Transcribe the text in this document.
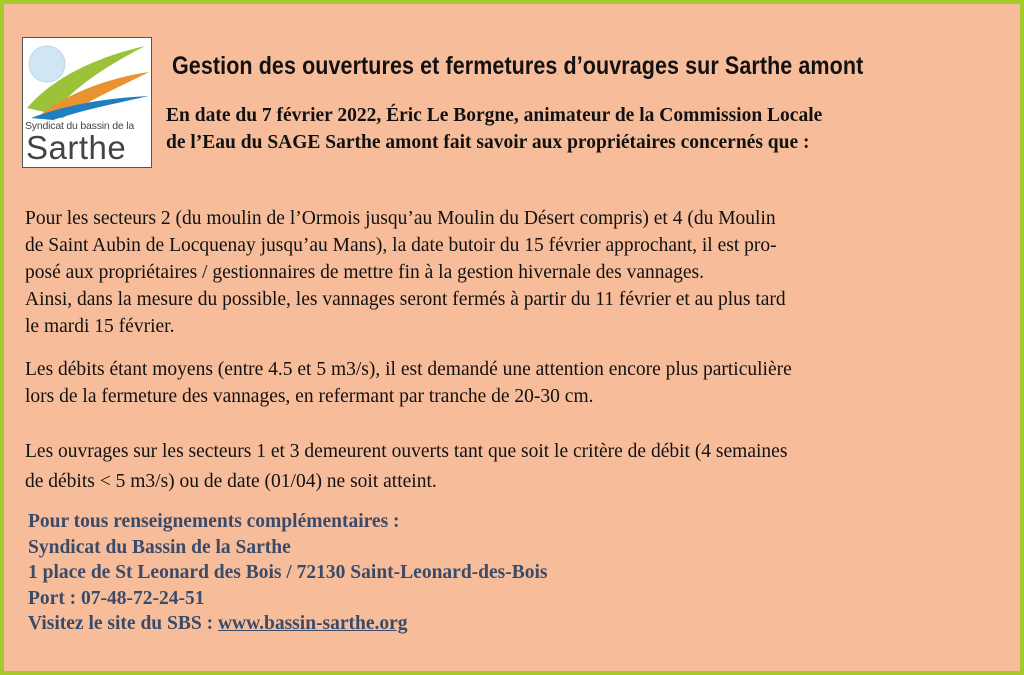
Syndicat du bassin de la
Sarthe
Gestion des ouvertures et fermetures d’ouvrages sur Sarthe amont
En date du 7 février 2022, Éric Le Borgne, animateur de la Commission Locale
de l’Eau du SAGE Sarthe amont fait savoir aux propriétaires concernés que :
Pour les secteurs 2 (du moulin de l’Ormois jusqu’au Moulin du Désert compris) et 4 (du Moulin
de Saint Aubin de Locquenay jusqu’au Mans), la date butoir du 15 février approchant, il est pro-
posé aux propriétaires / gestionnaires de mettre fin à la gestion hivernale des vannages.
Ainsi, dans la mesure du possible, les vannages seront fermés à partir du 11 février et au plus tard
le mardi 15 février.
Les débits étant moyens (entre 4.5 et 5 m3/s), il est demandé une attention encore plus particulière
lors de la fermeture des vannages, en refermant par tranche de 20-30 cm.
Les ouvrages sur les secteurs 1 et 3 demeurent ouverts tant que soit le critère de débit (4 semaines
de débits < 5 m3/s) ou de date (01/04) ne soit atteint.
Pour tous renseignements complémentaires :
Syndicat du Bassin de la Sarthe
1 place de St Leonard des Bois / 72130 Saint-Leonard-des-Bois
Port : 07-48-72-24-51
Visitez le site du SBS : www.bassin-sarthe.org
